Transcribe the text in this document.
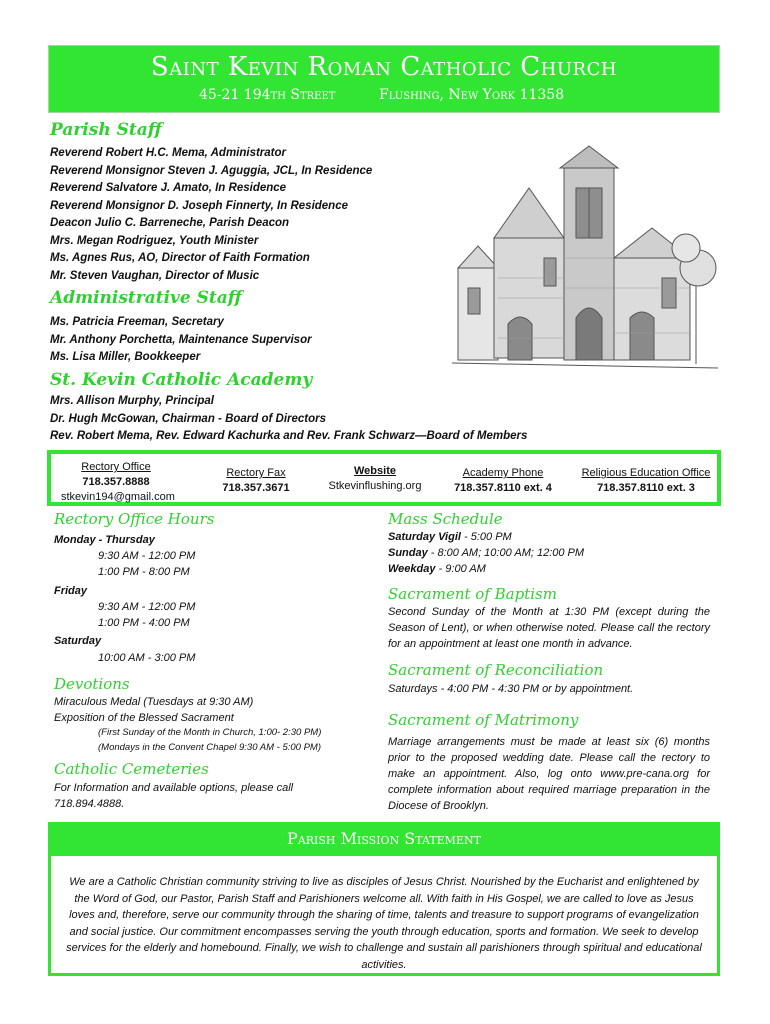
Saint Kevin Roman Catholic Church
45-21 194th Street	Flushing, New York 11358
Parish Staff
Reverend Robert H.C. Mema, Administrator
Reverend Monsignor Steven J. Aguggia, JCL, In Residence
Reverend Salvatore J. Amato, In Residence
Reverend Monsignor D. Joseph Finnerty, In Residence
Deacon Julio C. Barreneche, Parish Deacon
Mrs. Megan Rodriguez, Youth Minister
Ms. Agnes Rus, AO, Director of Faith Formation
Mr. Steven Vaughan, Director of Music
Administrative Staff
Ms. Patricia Freeman, Secretary
Mr. Anthony Porchetta, Maintenance Supervisor
Ms. Lisa Miller, Bookkeeper
St. Kevin Catholic Academy
Mrs. Allison Murphy, Principal
Dr. Hugh McGowan, Chairman - Board of Directors
Rev. Robert Mema, Rev. Edward Kachurka and Rev. Frank Schwarz—Board of Members
Rectory Office
718.357.8888
stkevin194@gmail.com
Rectory Fax
718.357.3671
Website
Stkevinflushing.org
Academy Phone
718.357.8110 ext. 4
Religious Education Office
718.357.8110 ext. 3
Rectory Office Hours
Monday - Thursday
9:30 AM - 12:00 PM
1:00 PM - 8:00 PM
Friday
9:30 AM - 12:00 PM
1:00 PM - 4:00 PM
Saturday
10:00 AM - 3:00 PM
Devotions
Miraculous Medal (Tuesdays at 9:30 AM)
Exposition of the Blessed Sacrament
(First Sunday of the Month in Church, 1:00- 2:30 PM)
(Mondays in the Convent Chapel 9:30 AM - 5:00 PM)
Catholic Cemeteries
For Information and available options, please call
718.894.4888.
Mass Schedule
Saturday Vigil - 5:00 PM
Sunday - 8:00 AM; 10:00 AM; 12:00 PM
Weekday - 9:00 AM
Sacrament of Baptism
Second Sunday of the Month at 1:30 PM (except during the Season of Lent), or when otherwise noted. Please call the rectory for an appointment at least one month in advance.
Sacrament of Reconciliation
Saturdays - 4:00 PM - 4:30 PM or by appointment.
Sacrament of Matrimony
Marriage arrangements must be made at least six (6) months prior to the proposed wedding date. Please call the rectory to make an appointment. Also, log onto www.pre-cana.org for complete information about required marriage preparation in the Diocese of Brooklyn.
Parish Mission Statement
We are a Catholic Christian community striving to live as disciples of Jesus Christ. Nourished by the Eucharist and enlightened by the Word of God, our Pastor, Parish Staff and Parishioners welcome all. With faith in His Gospel, we are called to love as Jesus loves and, therefore, serve our community through the sharing of time, talents and treasure to support programs of evangelization and social justice. Our commitment encompasses serving the youth through education, sports and formation. We seek to develop services for the elderly and homebound. Finally, we wish to challenge and sustain all parishioners through spiritual and educational activities.
